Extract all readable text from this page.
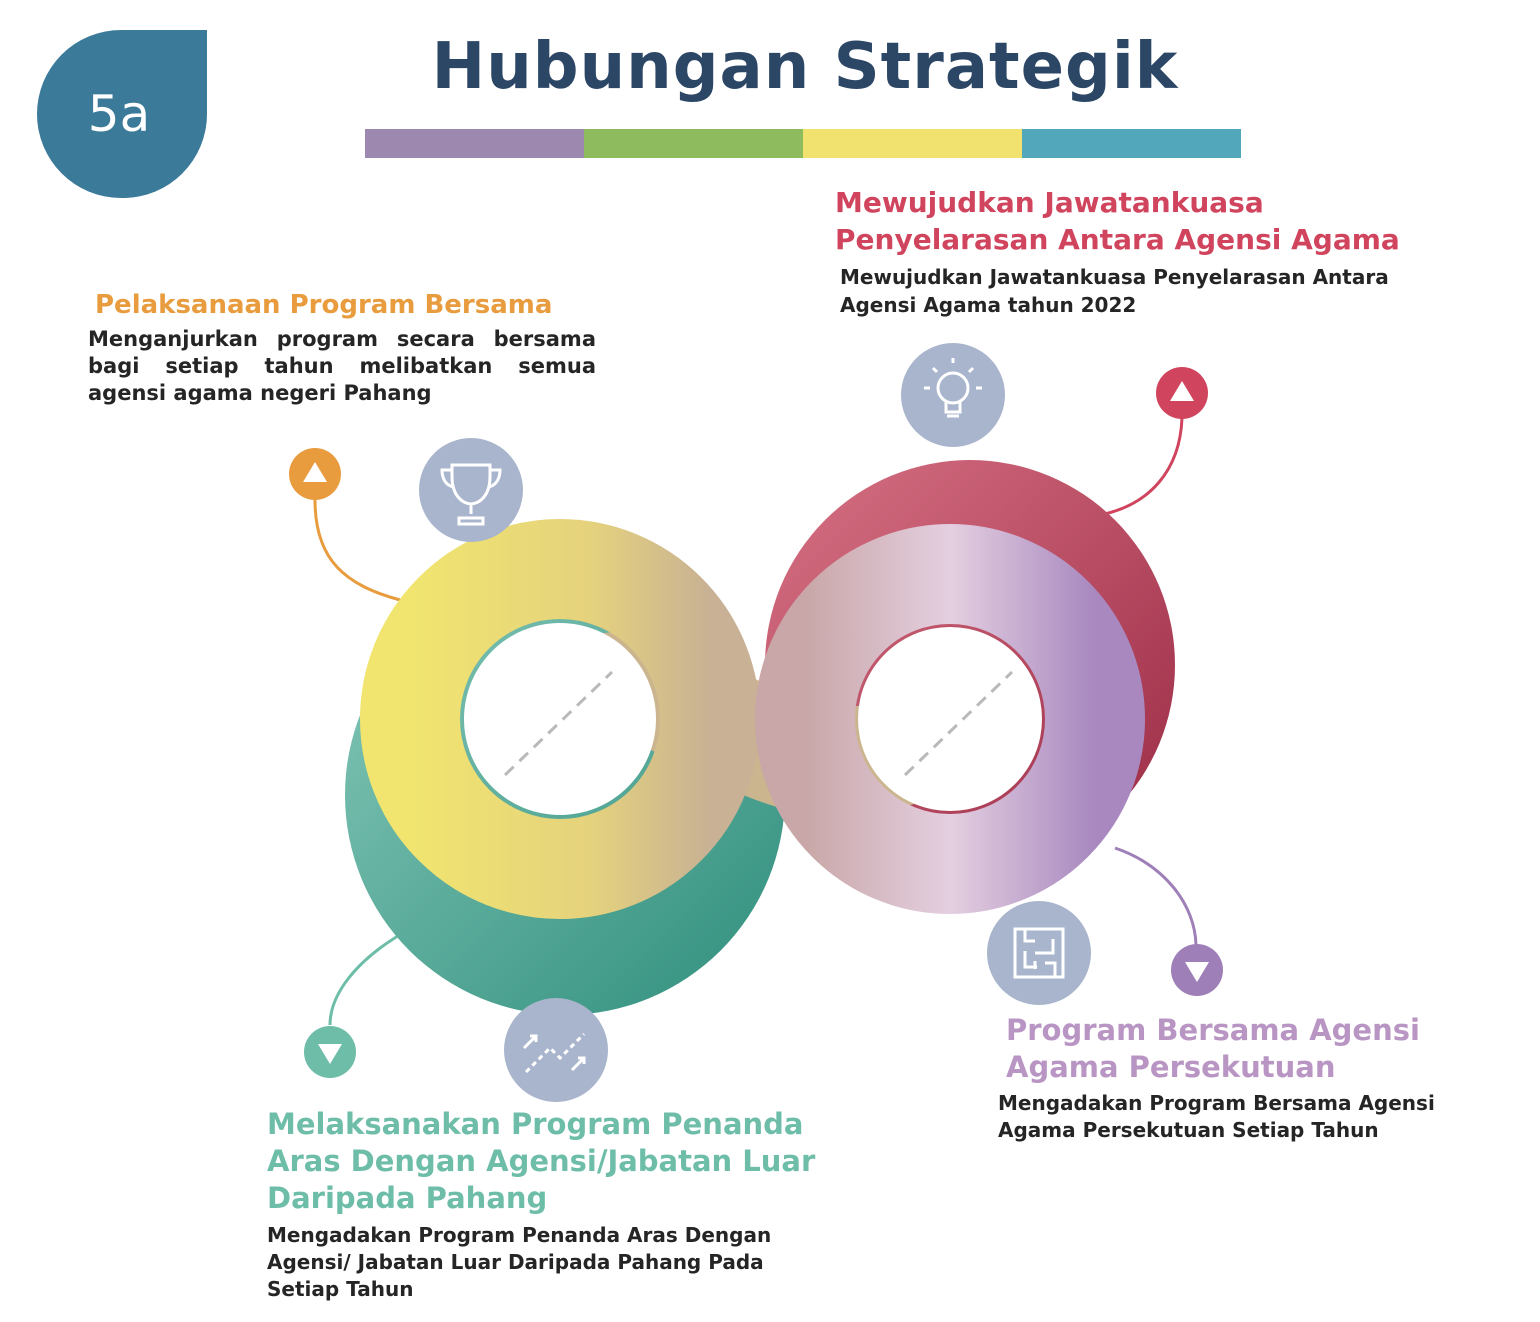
5a
Hubungan Strategik
Pelaksanaan Program Bersama
Menganjurkan program secara bersama bagi setiap tahun melibatkan semua agensi agama negeri Pahang
Mewujudkan Jawatankuasa Penyelarasan Antara Agensi Agama
Mewujudkan Jawatankuasa Penyelarasan Antara Agensi Agama tahun 2022
Program Bersama Agensi Agama Persekutuan
Mengadakan Program Bersama Agensi Agama Persekutuan Setiap Tahun
Melaksanakan Program Penanda Aras Dengan Agensi/Jabatan Luar Daripada Pahang
Mengadakan Program Penanda Aras Dengan Agensi/ Jabatan Luar Daripada Pahang Pada Setiap Tahun
